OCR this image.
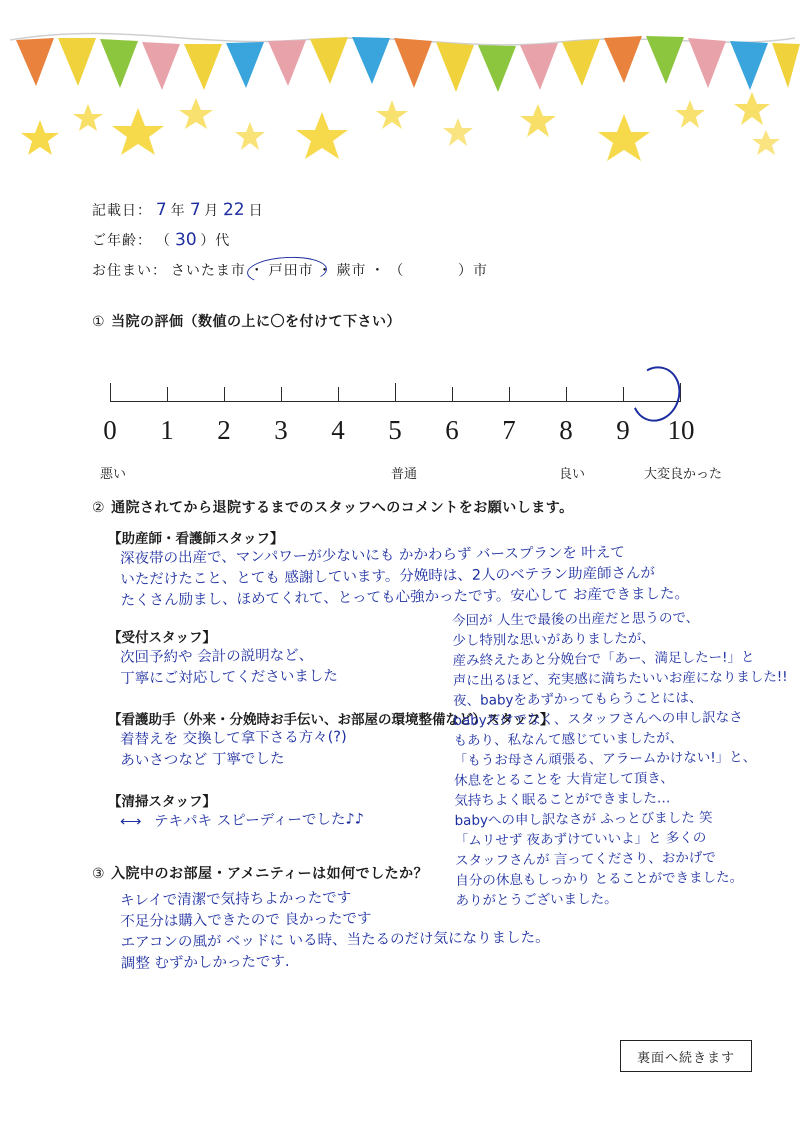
記載日： 7 年 7 月 22 日
ご年齢： （ 30 ）代
お住まい： さいたま市 ・ 戸田市 ・ 蕨市 ・ （	）市
① 当院の評価（数値の上に〇を付けて下さい）
0 1 2 3 4 5 6 7 8 9 10
悪い	普通	良い	大変良かった
② 通院されてから退院するまでのスタッフへのコメントをお願いします。
【助産師・看護師スタッフ】
深夜帯の出産で、マンパワーが少ないにも かかわらず バースプランを 叶えて
いただけたこと、とても 感謝しています。分娩時は、2人のベテラン助産師さんが
たくさん励まし、ほめてくれて、とっても心強かったです。安心して お産できました。
【受付スタッフ】
次回予約や 会計の説明など、
丁寧にご対応してくださいました
【看護助手（外来・分娩時お手伝い、お部屋の環境整備など）スタッフ】
着替えを 交換して拿下さる方々(?)
あいさつなど 丁寧でした
【清掃スタッフ】
⟷ テキパキ スピーディーでした♪♪
今回が 人生で最後の出産だと思うので、
少し特別な思いがありましたが、
産み終えたあと分娩台で「あー、満足したー!」と
声に出るほど、充実感に満ちたいいお産になりました!!
夜、babyをあずかってもらうことには、
babyだけでなく、スタッフさんへの申し訳なさ
もあり、私なんて感じていましたが、
「もうお母さん頑張る、アラームかけない!」と、
休息をとることを 大肯定して頂き、
気持ちよく眠ることができました…
babyへの申し訳なさが ふっとびました 笑
「ムリせず 夜あずけていいよ」と 多くの
スタッフさんが 言ってくださり、おかげで
自分の休息もしっかり とることができました。
ありがとうございました。
③ 入院中のお部屋・アメニティーは如何でしたか？
キレイで清潔で気持ちよかったです
不足分は購入できたので 良かったです
エアコンの風が ベッドに いる時、当たるのだけ気になりました。
調整 むずかしかったです.
裏面へ続きます
